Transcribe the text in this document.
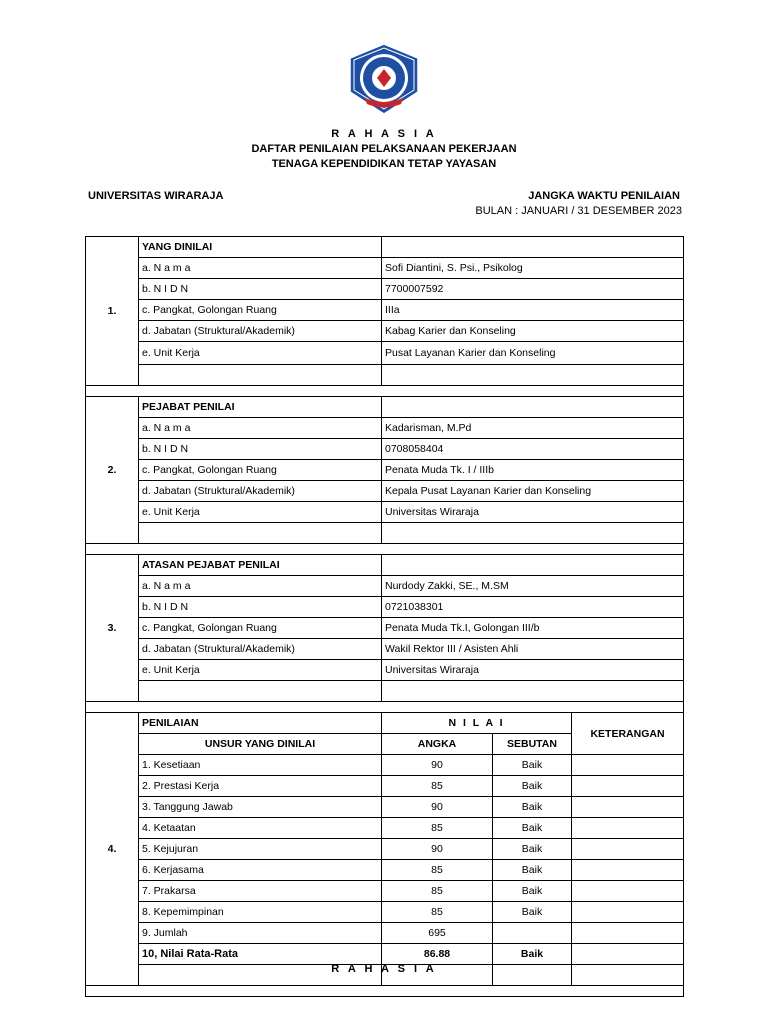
R A H A S I A
DAFTAR PENILAIAN PELAKSANAAN PEKERJAAN
TENAGA KEPENDIDIKAN TETAP YAYASAN
UNIVERSITAS WIRARAJA	JANGKA WAKTU PENILAIAN
BULAN : JANUARI / 31 DESEMBER 2023
1.	YANG DINILAI			
	a. N a m a	Sofi Diantini, S. Psi., Psikolog		
	b. N I D N	7700007592		
	c. Pangkat, Golongan Ruang	IIIa		
	d. Jabatan (Struktural/Akademik)	Kabag Karier dan Konseling		
	e. Unit Kerja	Pusat Layanan Karier dan Konseling		

2.	PEJABAT PENILAI			
	a. N a m a	Kadarisman, M.Pd		
	b. N I D N	0708058404		
	c. Pangkat, Golongan Ruang	Penata Muda Tk. I / IIIb		
	d. Jabatan (Struktural/Akademik)	Kepala Pusat Layanan Karier dan Konseling		
	e. Unit Kerja	Universitas Wiraraja		

3.	ATASAN PEJABAT PENILAI			
	a. N a m a	Nurdody Zakki, SE., M.SM		
	b. N I D N	0721038301		
	c. Pangkat, Golongan Ruang	Penata Muda Tk.I, Golongan III/b		
	d. Jabatan (Struktural/Akademik)	Wakil Rektor III / Asisten Ahli		
	e. Unit Kerja	Universitas Wiraraja		

4.	PENILAIAN	N I L A I		KETERANGAN
	UNSUR YANG DINILAI	ANGKA	SEBUTAN	
	1. Kesetiaan	90	Baik	
	2. Prestasi Kerja	85	Baik	
	3. Tanggung Jawab	90	Baik	
	4. Ketaatan	85	Baik	
	5. Kejujuran	90	Baik	
	6. Kerjasama	85	Baik	
	7. Prakarsa	85	Baik	
	8. Kepemimpinan	85	Baik	
	9. Jumlah	695		
	10, Nilai Rata-Rata	86.88	Baik	

R A H A S I A
